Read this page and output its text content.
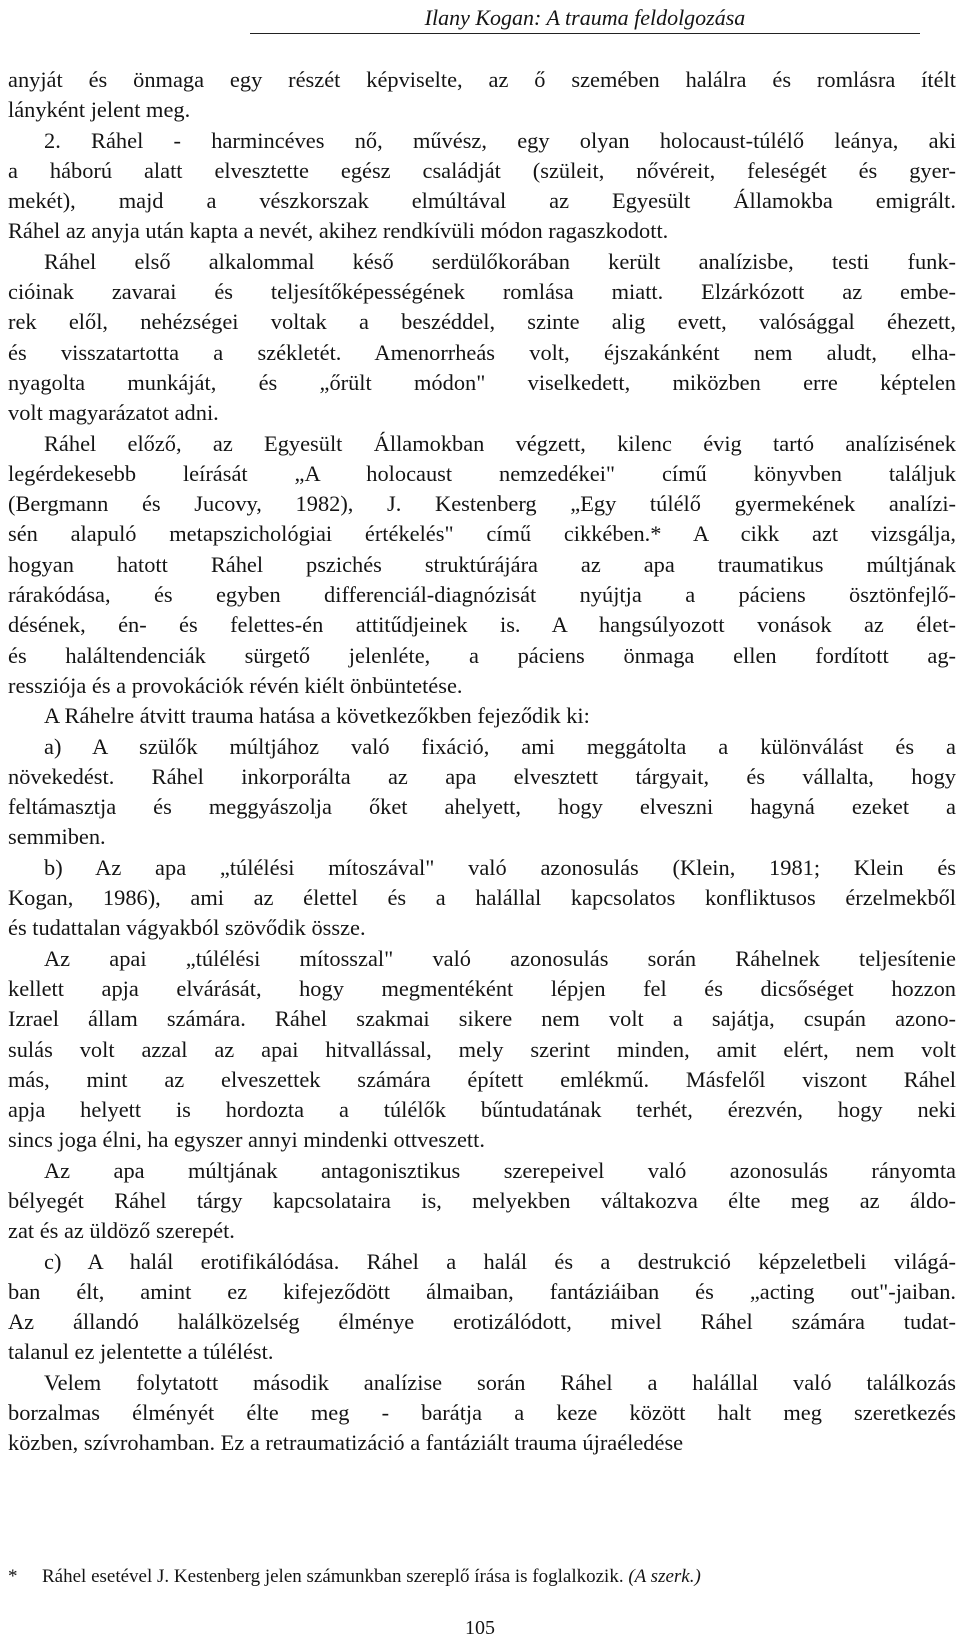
Ilany Kogan: A trauma feldolgozása

anyját és önmaga egy részét képviselte, az ő szemében halálra és romlásra ítélt

lányként jelent meg.

2. Ráhel - harmincéves nő, művész, egy olyan holocaust-túlélő leánya, aki

a háború alatt elvesztette egész családját (szüleit, nővéreit, feleségét és gyer-

mekét), majd a vészkorszak elmúltával az Egyesült Államokba emigrált.

Ráhel az anyja után kapta a nevét, akihez rendkívüli módon ragaszkodott.

Ráhel első alkalommal késő serdülőkorában került analízisbe, testi funk-

cióinak zavarai és teljesítőképességének romlása miatt. Elzárkózott az embe-

rek elől, nehézségei voltak a beszéddel, szinte alig evett, valósággal éhezett,

és visszatartotta a székletét. Amenorrheás volt, éjszakánként nem aludt, elha-

nyagolta munkáját, és „őrült módon" viselkedett, miközben erre képtelen

volt magyarázatot adni.

Ráhel előző, az Egyesült Államokban végzett, kilenc évig tartó analízisének

legérdekesebb leírását „A holocaust nemzedékei" című könyvben találjuk

(Bergmann és Jucovy, 1982), J. Kestenberg „Egy túlélő gyermekének analízi-

sén alapuló metapszichológiai értékelés" című cikkében.* A cikk azt vizsgálja,

hogyan hatott Ráhel pszichés struktúrájára az apa traumatikus múltjának

rárakódása, és egyben differenciál-diagnózisát nyújtja a páciens ösztönfejlő-

désének, én- és felettes-én attitűdjeinek is. A hangsúlyozott vonások az élet-

és haláltendenciák sürgető jelenléte, a páciens önmaga ellen fordított ag-

ressziója és a provokációk révén kiélt önbüntetése.

A Ráhelre átvitt trauma hatása a következőkben fejeződik ki:

a) A szülők múltjához való fixáció, ami meggátolta a különválást és a

növekedést. Ráhel inkorporálta az apa elvesztett tárgyait, és vállalta, hogy

feltámasztja és meggyászolja őket ahelyett, hogy elveszni hagyná ezeket a

semmiben.

b) Az apa „túlélési mítoszával" való azonosulás (Klein, 1981; Klein és

Kogan, 1986), ami az élettel és a halállal kapcsolatos konfliktusos érzelmekből

és tudattalan vágyakból szövődik össze.

Az apai „túlélési mítosszal" való azonosulás során Ráhelnek teljesítenie

kellett apja elvárását, hogy megmentéként lépjen fel és dicsőséget hozzon

Izrael állam számára. Ráhel szakmai sikere nem volt a sajátja, csupán azono-

sulás volt azzal az apai hitvallással, mely szerint minden, amit elért, nem volt

más, mint az elveszettek számára épített emlékmű. Másfelől viszont Ráhel

apja helyett is hordozta a túlélők bűntudatának terhét, érezvén, hogy neki

sincs joga élni, ha egyszer annyi mindenki ottveszett.

Az apa múltjának antagonisztikus szerepeivel való azonosulás rányomta

bélyegét Ráhel tárgy kapcsolataira is, melyekben váltakozva élte meg az áldo-

zat és az üldöző szerepét.

c) A halál erotifikálódása. Ráhel a halál és a destrukció képzeletbeli világá-

ban élt, amint ez kifejeződött álmaiban, fantáziáiban és „acting out"-jaiban.

Az állandó halálközelség élménye erotizálódott, mivel Ráhel számára tudat-

talanul ez jelentette a túlélést.

Velem folytatott második analízise során Ráhel a halállal való találkozás

borzalmas élményét élte meg - barátja a keze között halt meg szeretkezés

közben, szívrohamban. Ez a retraumatizáció a fantáziált trauma újraéledése

* Ráhel esetével J. Kestenberg jelen számunkban szereplő írása is foglalkozik. (A szerk.)
105
